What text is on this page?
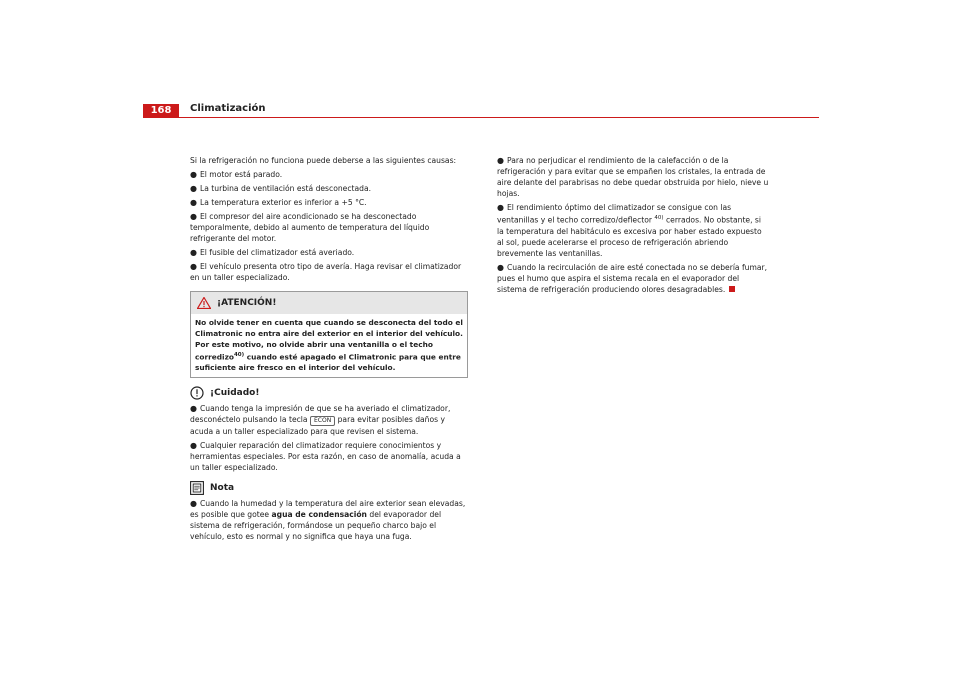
168	Climatización

Si la refrigeración no funciona puede deberse a las siguientes causas:

● El motor está parado.
● La turbina de ventilación está desconectada.
● La temperatura exterior es inferior a +5 °C.
● El compresor del aire acondicionado se ha desconectado temporalmente, debido al aumento de temperatura del líquido refrigerante del motor.
● El fusible del climatizador está averiado.
● El vehículo presenta otro tipo de avería. Haga revisar el climatizador en un taller especializado.
¡ATENCIÓN!
No olvide tener en cuenta que cuando se desconecta del todo el Climatronic no entra aire del exterior en el interior del vehículo. Por este motivo, no olvide abrir una ventanilla o el techo corredizo$^{40)}$ cuando esté apagado el Climatronic para que entre suficiente aire fresco en el interior del vehículo.
¡Cuidado!
● Cuando tenga la impresión de que se ha averiado el climatizador, desconéctelo pulsando la tecla ECON para evitar posibles daños y acuda a un taller especializado para que revisen el sistema.
● Cualquier reparación del climatizador requiere conocimientos y herramientas especiales. Por esta razón, en caso de anomalía, acuda a un taller especializado.
Nota
● Cuando la humedad y la temperatura del aire exterior sean elevadas, es posible que gotee agua de condensación del evaporador del sistema de refrigeración, formándose un pequeño charco bajo el vehículo, esto es normal y no significa que haya una fuga.
● Para no perjudicar el rendimiento de la calefacción o de la refrigeración y para evitar que se empañen los cristales, la entrada de aire delante del parabrisas no debe quedar obstruida por hielo, nieve u hojas.
● El rendimiento óptimo del climatizador se consigue con las ventanillas y el techo corredizo/deflector $^{40)}$ cerrados. No obstante, si la temperatura del habitáculo es excesiva por haber estado expuesto al sol, puede acelerarse el proceso de refrigeración abriendo brevemente las ventanillas.
● Cuando la recirculación de aire esté conectada no se debería fumar, pues el humo que aspira el sistema recala en el evaporador del sistema de refrigeración produciendo olores desagradables.
